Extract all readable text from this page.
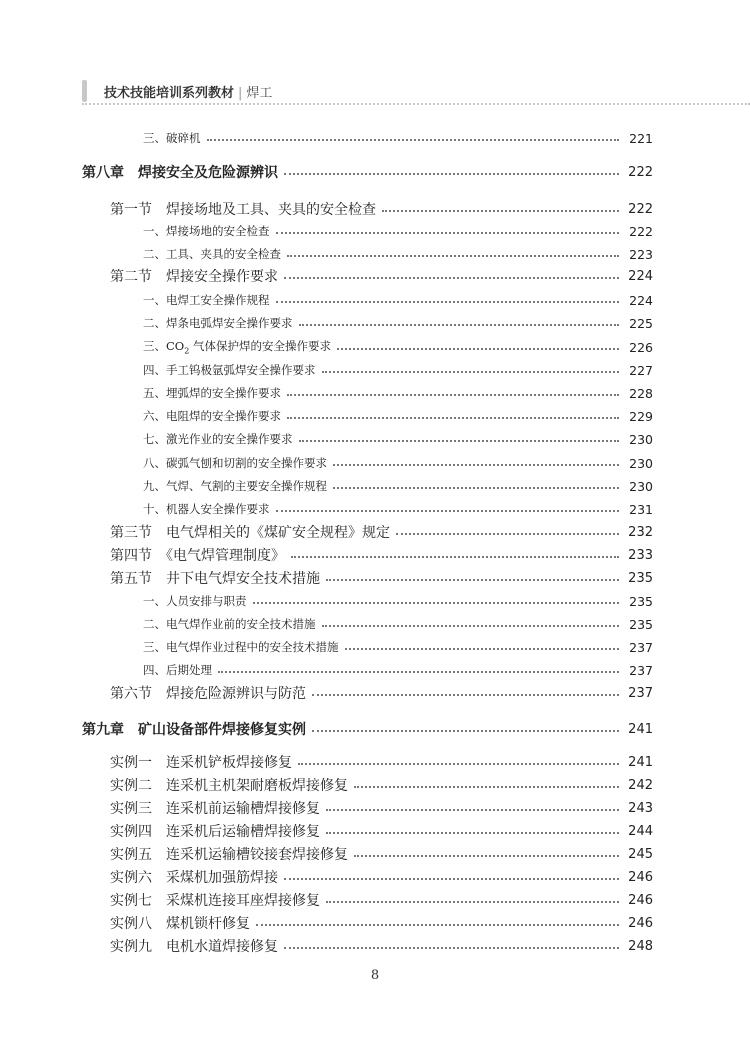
技术技能培训系列教材 | 焊工
三、破碎机	221
第八章　焊接安全及危险源辨识	222
第一节　焊接场地及工具、夹具的安全检查	222
一、焊接场地的安全检查	222
二、工具、夹具的安全检查	223
第二节　焊接安全操作要求	224
一、电焊工安全操作规程	224
二、焊条电弧焊安全操作要求	225
三、$CO_2$ 气体保护焊的安全操作要求	226
四、手工钨极氩弧焊安全操作要求	227
五、埋弧焊的安全操作要求	228
六、电阻焊的安全操作要求	229
七、激光作业的安全操作要求	230
八、碳弧气刨和切割的安全操作要求	230
九、气焊、气割的主要安全操作规程	230
十、机器人安全操作要求	231
第三节　电气焊相关的《煤矿安全规程》规定	232
第四节　《电气焊管理制度》	233
第五节　井下电气焊安全技术措施	235
一、人员安排与职责	235
二、电气焊作业前的安全技术措施	235
三、电气焊作业过程中的安全技术措施	237
四、后期处理	237
第六节　焊接危险源辨识与防范	237
第九章　矿山设备部件焊接修复实例	241
实例一　连采机铲板焊接修复	241
实例二　连采机主机架耐磨板焊接修复	242
实例三　连采机前运输槽焊接修复	243
实例四　连采机后运输槽焊接修复	244
实例五　连采机运输槽铰接套焊接修复	245
实例六　采煤机加强筋焊接	246
实例七　采煤机连接耳座焊接修复	246
实例八　煤机锁杆修复	246
实例九　电机水道焊接修复	248
8
